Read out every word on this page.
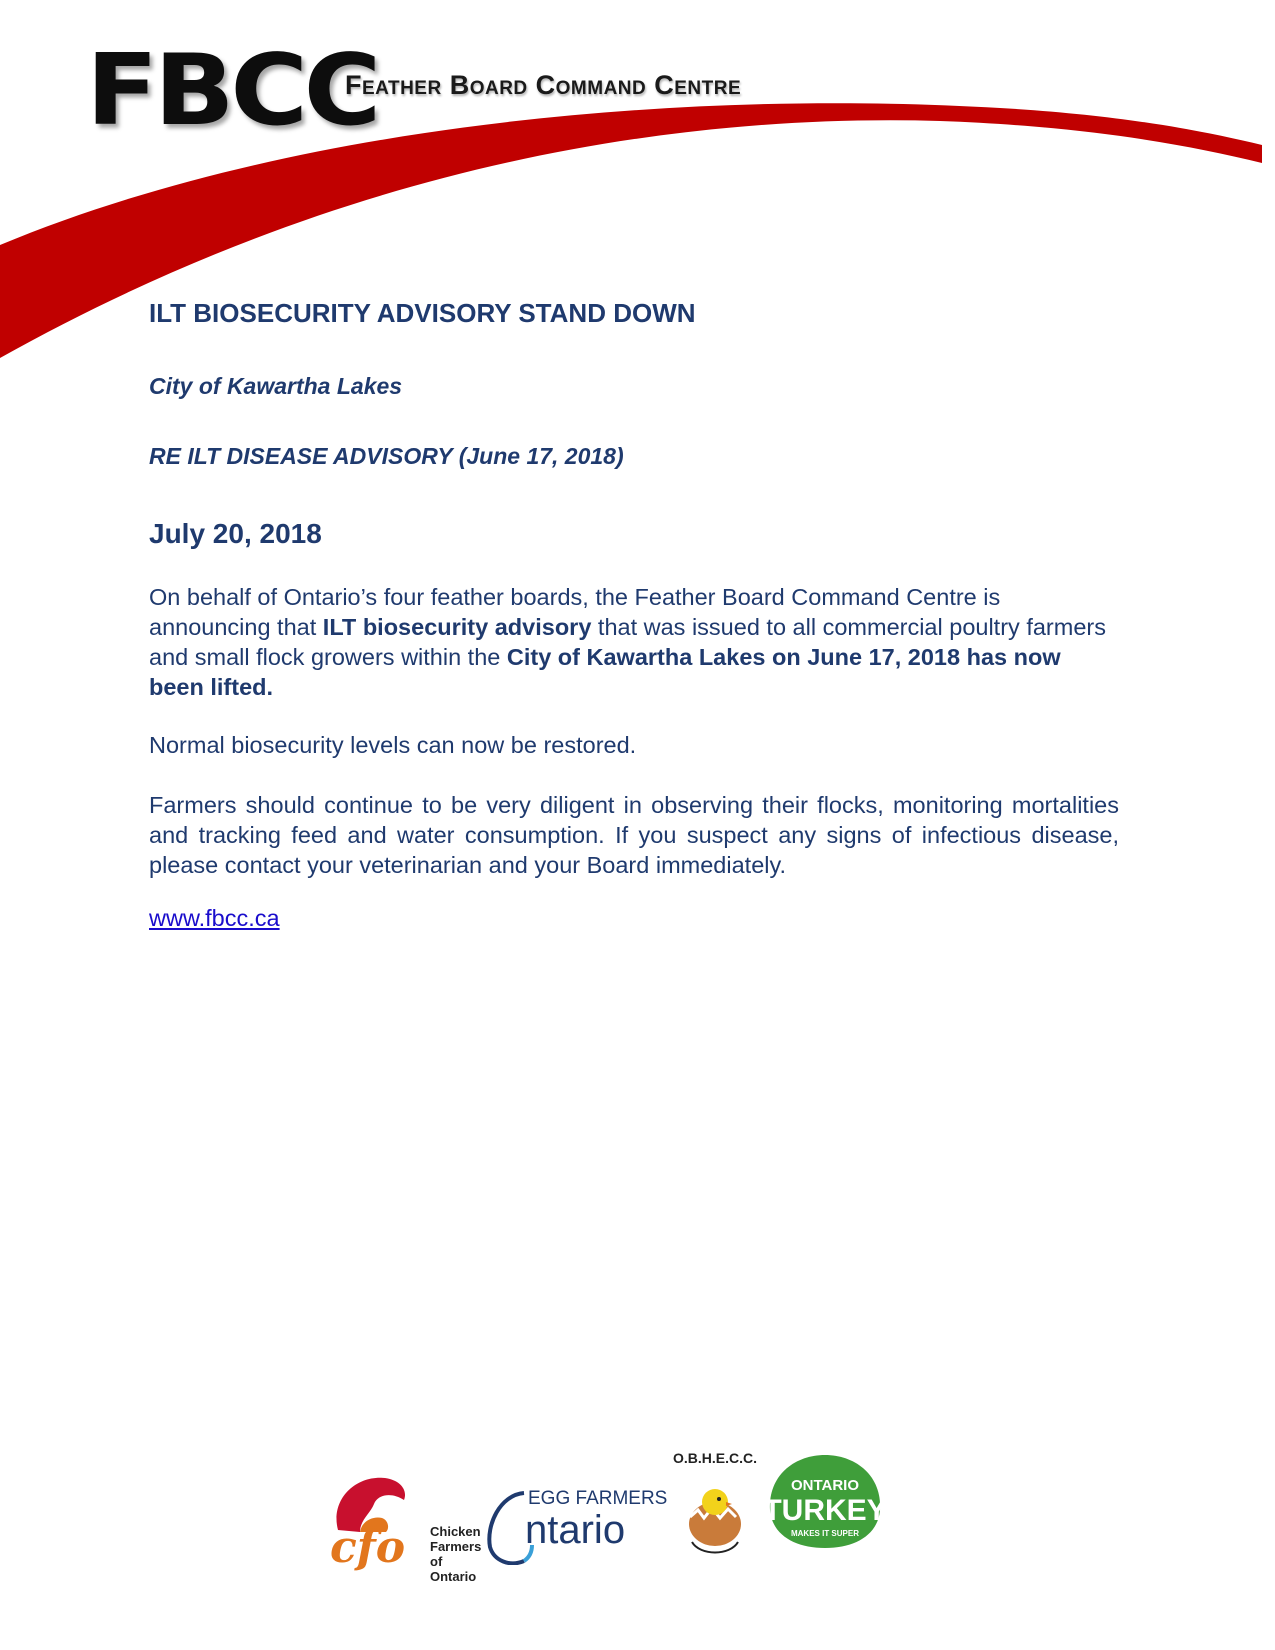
FBCC
Feather Board Command Centre
ILT BIOSECURITY ADVISORY STAND DOWN
City of Kawartha Lakes
RE ILT DISEASE ADVISORY (June 17, 2018)
July 20, 2018
On behalf of Ontario’s four feather boards, the Feather Board Command Centre is announcing that ILT biosecurity advisory that was issued to all commercial poultry farmers and small flock growers within the City of Kawartha Lakes on June 17, 2018 has now been lifted.
Normal biosecurity levels can now be restored.
Farmers should continue to be very diligent in observing their flocks, monitoring mortalities and tracking feed and water consumption. If you suspect any signs of infectious disease, please contact your veterinarian and your Board immediately.
www.fbcc.ca
cfo Chicken
Farmers
of Ontario
EGG FARMERS
ntario
O.B.H.E.C.C.
ONTARIO
TURKEY
MAKES IT SUPER
